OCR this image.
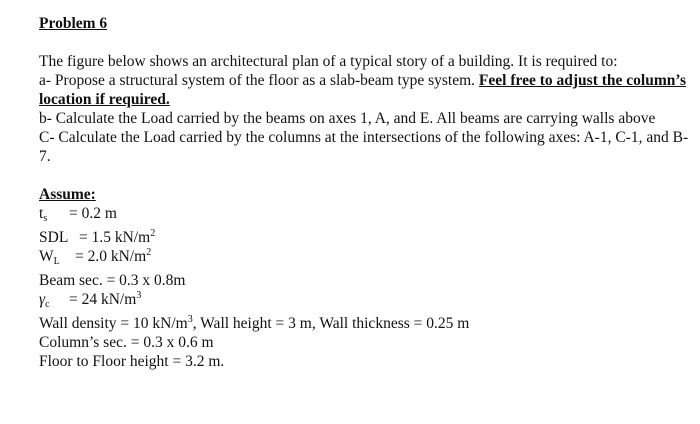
Problem 6

The figure below shows an architectural plan of a typical story of a building. It is required to:

a- Propose a structural system of the floor as a slab-beam type system. Feel free to adjust the column’s location if required.

b- Calculate the Load carried by the beams on axes 1, A, and E. All beams are carrying walls above

C- Calculate the Load carried by the columns at the intersections of the following axes: A-1, C-1, and B-7.

Assume:

$t_s = 0.2$ m

SDL = 1.5 $kN/m^2$

$W_L = 2.0$ $kN/m^2$

Beam sec. = 0.3 x 0.8m

$\gamma_c = 24$ $kN/m^3$

Wall density = 10 $kN/m^3$, Wall height = 3 m, Wall thickness = 0.25 m

Column’s sec. = 0.3 x 0.6 m

Floor to Floor height = 3.2 m.
